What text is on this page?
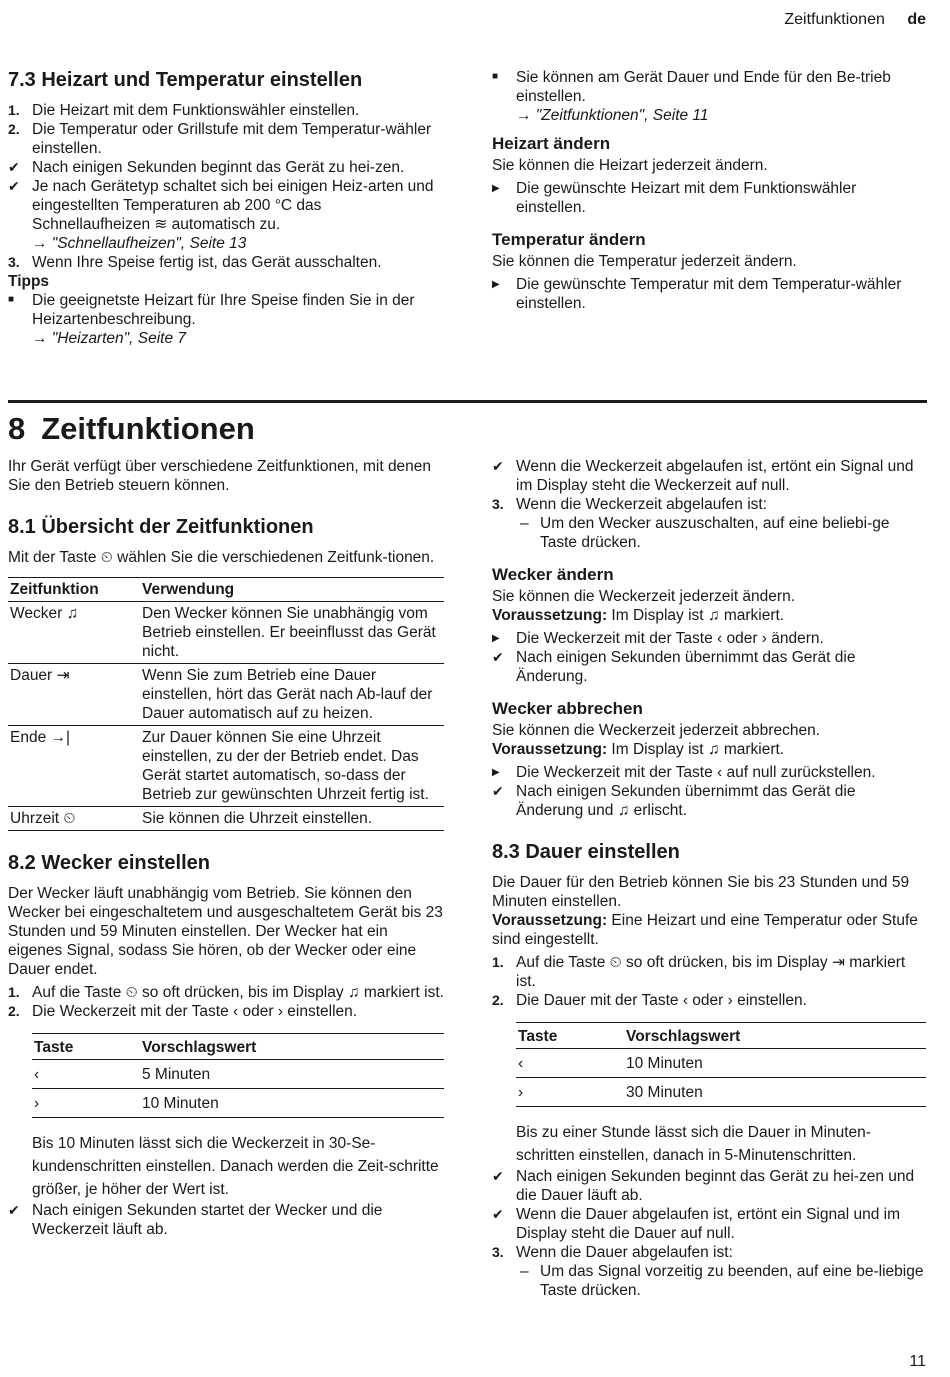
Zeitfunktionen de
7.3 Heizart und Temperatur einstellen
1. Die Heizart mit dem Funktionswähler einstellen.
2. Die Temperatur oder Grillstufe mit dem Temperatur-wähler einstellen.
✔ Nach einigen Sekunden beginnt das Gerät zu hei-zen.
✔ Je nach Gerätetyp schaltet sich bei einigen Heiz-arten und eingestellten Temperaturen ab 200 °C das Schnellaufheizen ≋ automatisch zu.
→ "Schnellaufheizen", Seite 13
3. Wenn Ihre Speise fertig ist, das Gerät ausschalten.
Tipps
■	Die geeignetste Heizart für Ihre Speise finden Sie in der Heizartenbeschreibung.
→ "Heizarten", Seite 7
■	Sie können am Gerät Dauer und Ende für den Be-trieb einstellen.
→ "Zeitfunktionen", Seite 11
Heizart ändern

Sie können die Heizart jederzeit ändern.

▶	Die gewünschte Heizart mit dem Funktionswähler einstellen.
Temperatur ändern

Sie können die Temperatur jederzeit ändern.

▶	Die gewünschte Temperatur mit dem Temperatur-wähler einstellen.
8 Zeitfunktionen

Ihr Gerät verfügt über verschiedene Zeitfunktionen, mit denen Sie den Betrieb steuern können.

8.1 Übersicht der Zeitfunktionen

Mit der Taste ⏲ wählen Sie die verschiedenen Zeitfunk-tionen.

Zeitfunktion	Verwendung
Wecker ♫	Den Wecker können Sie unabhängig vom Betrieb einstellen. Er beeinflusst das Gerät nicht.
Dauer ⇥	Wenn Sie zum Betrieb eine Dauer einstellen, hört das Gerät nach Ab-lauf der Dauer automatisch auf zu heizen.
Ende →|	Zur Dauer können Sie eine Uhrzeit einstellen, zu der der Betrieb endet. Das Gerät startet automatisch, so-dass der Betrieb zur gewünschten Uhrzeit fertig ist.
Uhrzeit ⏲	Sie können die Uhrzeit einstellen.
8.2 Wecker einstellen

Der Wecker läuft unabhängig vom Betrieb. Sie können den Wecker bei eingeschaltetem und ausgeschaltetem Gerät bis 23 Stunden und 59 Minuten einstellen. Der Wecker hat ein eigenes Signal, sodass Sie hören, ob der Wecker oder eine Dauer endet.

1. Auf die Taste ⏲ so oft drücken, bis im Display ♫ markiert ist.
2. Die Weckerzeit mit der Taste ‹ oder › einstellen.
Taste	Vorschlagswert
‹	5 Minuten
›	10 Minuten

Bis 10 Minuten lässt sich die Weckerzeit in 30-Se-kundenschritten einstellen. Danach werden die Zeit-schritte größer, je höher der Wert ist.

✔ Nach einigen Sekunden startet der Wecker und die Weckerzeit läuft ab.
✔ Wenn die Weckerzeit abgelaufen ist, ertönt ein Signal und im Display steht die Weckerzeit auf null.
3. Wenn die Weckerzeit abgelaufen ist:
– Um den Wecker auszuschalten, auf eine beliebi-ge Taste drücken.
Wecker ändern

Sie können die Weckerzeit jederzeit ändern.

Voraussetzung: Im Display ist ♫ markiert.

▶	Die Weckerzeit mit der Taste ‹ oder › ändern.
✔ Nach einigen Sekunden übernimmt das Gerät die Änderung.
Wecker abbrechen

Sie können die Weckerzeit jederzeit abbrechen.

Voraussetzung: Im Display ist ♫ markiert.

▶	Die Weckerzeit mit der Taste ‹ auf null zurückstellen.
✔ Nach einigen Sekunden übernimmt das Gerät die Änderung und ♫ erlischt.
8.3 Dauer einstellen

Die Dauer für den Betrieb können Sie bis 23 Stunden und 59 Minuten einstellen.

Voraussetzung: Eine Heizart und eine Temperatur oder Stufe sind eingestellt.

1. Auf die Taste ⏲ so oft drücken, bis im Display ⇥ markiert ist.
2. Die Dauer mit der Taste ‹ oder › einstellen.
Taste	Vorschlagswert
‹	10 Minuten
›	30 Minuten

Bis zu einer Stunde lässt sich die Dauer in Minuten-schritten einstellen, danach in 5-Minutenschritten.

✔ Nach einigen Sekunden beginnt das Gerät zu hei-zen und die Dauer läuft ab.
✔ Wenn die Dauer abgelaufen ist, ertönt ein Signal und im Display steht die Dauer auf null.
3. Wenn die Dauer abgelaufen ist:
– Um das Signal vorzeitig zu beenden, auf eine be-liebige Taste drücken.
11
